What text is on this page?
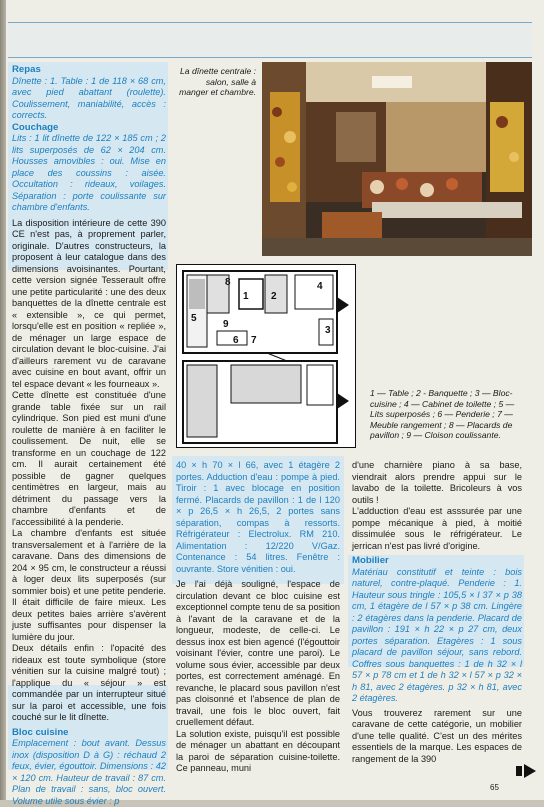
Repas

Dînette : 1. Table : 1 de 118 × 68 cm, avec pied abattant (roulette). Coulissement, maniabilité, accès : corrects.

Couchage

Lits : 1 lit dînette de 122 × 185 cm ; 2 lits superposés de 62 × 204 cm. Housses amovibles : oui. Mise en place des coussins : aisée. Occultation : rideaux, voilages. Séparation : porte coulissante sur chambre d'enfants.

La disposition intérieure de cette 390 CE n'est pas, à proprement parler, originale. D'autres constructeurs, la proposent à leur catalogue dans des dimensions avoisinantes. Pourtant, cette version signée Tesserault offre une petite particularité : une des deux banquettes de la dînette centrale est « extensible », ce qui permet, lorsqu'elle est en position « repliée », de ménager un large espace de circulation devant le bloc-cuisine. J'ai d'ailleurs rarement vu de caravane avec cuisine en bout avant, offrir un tel espace devant « les fourneaux ».

Cette dînette est constituée d'une grande table fixée sur un rail cylindrique. Son pied est muni d'une roulette de manière à en faciliter le coulissement. De nuit, elle se transforme en un couchage de 122 cm. Il aurait certainement été possible de gagner quelques centimètres en largeur, mais au détriment du passage vers la chambre d'enfants et de l'accessibilité à la penderie.

La chambre d'enfants est située transversalement et à l'arrière de la caravane. Dans des dimensions de 204 × 95 cm, le constructeur a réussi à loger deux lits superposés (sur sommier bois) et une petite penderie. Il était difficile de faire mieux. Les deux petites baies arrière s'avèrent juste suffisantes pour dispenser la lumière du jour.

Deux détails enfin : l'opacité des rideaux est toute symbolique (store vénitien sur la cuisine malgré tout) ; l'applique du « séjour » est commandée par un interrupteur situé sur la paroi et accessible, une fois couché sur le lit dînette.

Bloc cuisine

Emplacement : bout avant. Dessus inox (disposition D à G) : réchaud 2 feux, évier, égouttoir. Dimensions : 42 × 120 cm. Hauteur de travail : 87 cm. Plan de travail : sans, bloc ouvert. Volume utile sous évier : p

La dînette centrale : salon, salle à manger et chambre.
1 2
3
4
5
6 7
8
9
1 — Table ; 2 - Banquette ; 3 — Bloc-cuisine ; 4 — Cabinet de toilette ; 5 — Lits superposés ; 6 — Penderie ; 7 — Meuble rangement ; 8 — Placards de pavillon ; 9 — Cloison coulissante.

40 × h 70 × l 66, avec 1 étagère 2 portes. Adduction d'eau : pompe à pied. Tiroir : 1 avec blocage en position fermé. Placards de pavillon : 1 de l 120 × p 26,5 × h 26,5, 2 portes sans séparation, compas à ressorts. Réfrigérateur : Electrolux. RM 210. Alimentation : 12/220 V/Gaz. Contenance : 54 litres. Fenêtre : ouvrante. Store vénitien : oui.

Je l'ai déjà souligné, l'espace de circulation devant ce bloc cuisine est exceptionnel compte tenu de sa position à l'avant de la caravane et de la longueur, modeste, de celle-ci. Le dessus inox est bien agencé (l'égouttoir voisinant l'évier, contre une paroi). Le volume sous évier, accessible par deux portes, est correctement aménagé. En revanche, le placard sous pavillon n'est pas cloisonné et l'absence de plan de travail, une fois le bloc ouvert, fait cruellement défaut.

La solution existe, puisqu'il est possible de ménager un abattant en découpant la paroi de séparation cuisine-toilette. Ce panneau, muni

d'une charnière piano à sa base, viendrait alors prendre appui sur le lavabo de la toilette. Bricoleurs à vos outils !

L'adduction d'eau est asssurée par une pompe mécanique à pied, à moitié dissimulée sous le réfrigérateur. Le jerrican n'est pas livré d'origine.

Mobilier

Matériau constitutif et teinte : bois naturel, contre-plaqué. Penderie : 1. Hauteur sous tringle : 105,5 × l 37 × p 38 cm, 1 étagère de l 57 × p 38 cm. Lingère : 2 étagères dans la penderie. Placard de pavillon : 191 × h 22 × p 27 cm, deux portes séparation. Etagères : 1 sous placard de pavillon séjour, sans rebord. Coffres sous banquettes : 1 de h 32 × l 57 × p 78 cm et 1 de h 32 × l 57 × p 32 × h 81, avec 2 étagères. p 32 × h 81, avec 2 étagères.

Vous trouverez rarement sur une caravane de cette catégorie, un mobilier d'une telle qualité. C'est un des mérites essentiels de la marque. Les espaces de rangement de la 390

65
